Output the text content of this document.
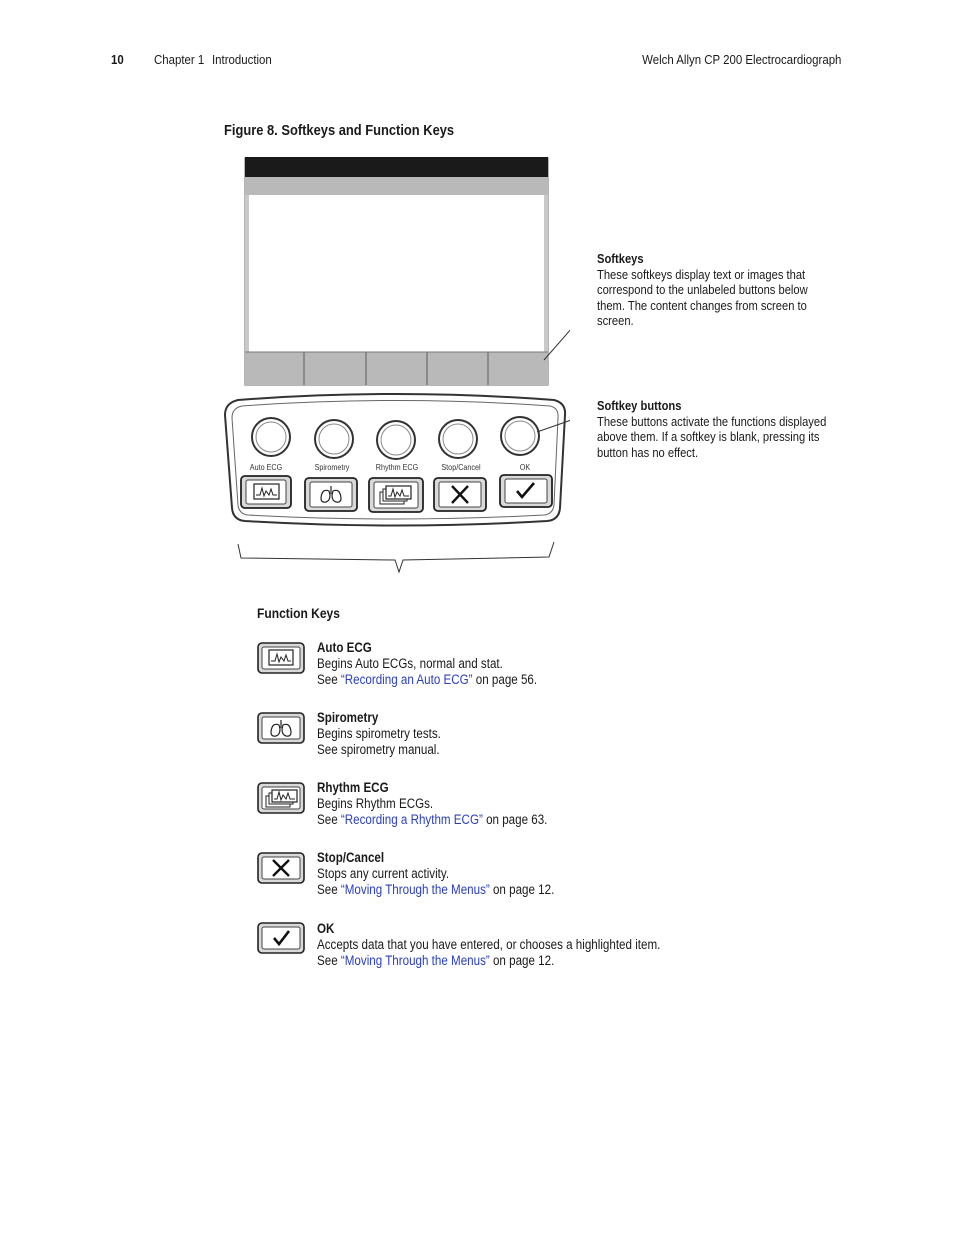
10 Chapter 1 Introduction	Welch Allyn CP 200 Electrocardiograph
Figure 8. Softkeys and Function Keys
Auto ECG	Spirometry	Rhythm ECG	Stop/Cancel	OK
Softkeys
These softkeys display text or images that correspond to the unlabeled buttons below them. The content changes from screen to screen.
Softkey buttons
These buttons activate the functions displayed above them. If a softkey is blank, pressing its button has no effect.
Function Keys
Auto ECG
Begins Auto ECGs, normal and stat.
See “Recording an Auto ECG” on page 56.
Spirometry
Begins spirometry tests.
See spirometry manual.
Rhythm ECG
Begins Rhythm ECGs.
See “Recording a Rhythm ECG” on page 63.
Stop/Cancel
Stops any current activity.
See “Moving Through the Menus” on page 12.
OK
Accepts data that you have entered, or chooses a highlighted item.
See “Moving Through the Menus” on page 12.
